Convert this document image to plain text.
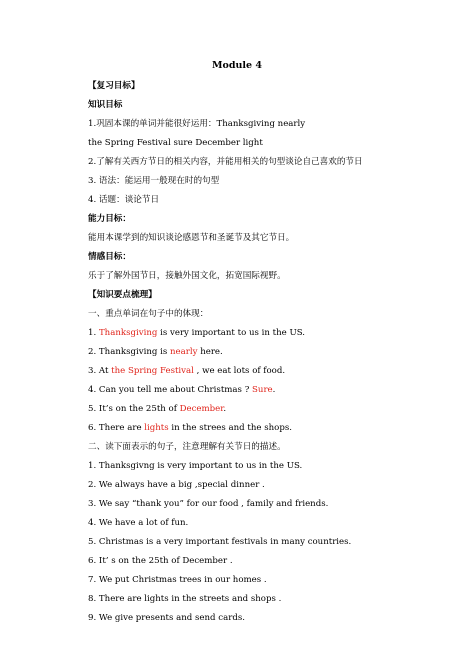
Module 4
【复习目标】
知识目标
1.巩固本课的单词并能很好运用：Thanksgiving nearly
the Spring Festival sure December light
2.了解有关西方节日的相关内容，并能用相关的句型谈论自己喜欢的节日
3. 语法：能运用一般现在时的句型
4. 话题：谈论节日
能力目标：
能用本课学到的知识谈论感恩节和圣诞节及其它节日。
情感目标：
乐于了解外国节日，接触外国文化，拓宽国际视野。
【知识要点梳理】
一、重点单词在句子中的体现：
1. Thanksgiving is very important to us in the US.
2. Thanksgiving is nearly here.
3. At the Spring Festival , we eat lots of food.
4. Can you tell me about Christmas ? Sure.
5. It’s on the 25th of December.
6. There are lights in the strees and the shops.
二、读下面表示的句子，注意理解有关节日的描述。
1. Thanksgivng is very important to us in the US.
2. We always have a big ,special dinner .
3. We say “thank you” for our food , family and friends.
4. We have a lot of fun.
5. Christmas is a very important festivals in many countries.
6. It’ s on the 25th of December .
7. We put Christmas trees in our homes .
8. There are lights in the streets and shops .
9. We give presents and send cards.
